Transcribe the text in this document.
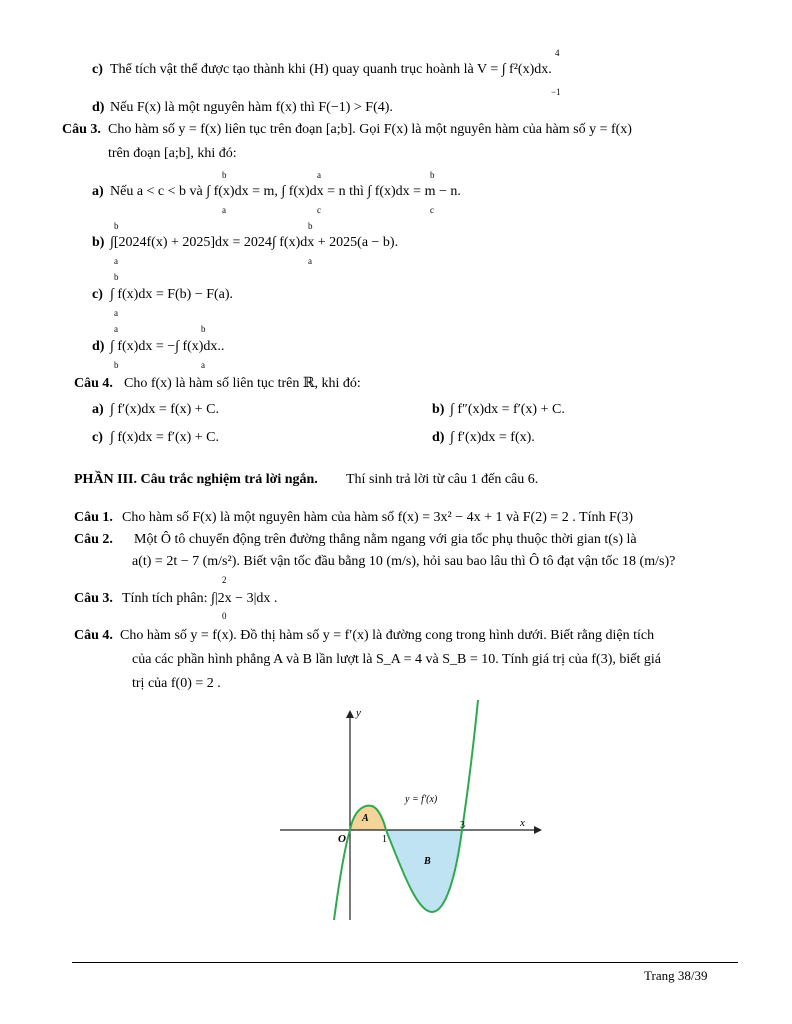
c) Thể tích vật thể được tạo thành khi (H) quay quanh trục hoành là V = ∫ f²(x)dx.
4
−1
d) Nếu F(x) là một nguyên hàm f(x) thì F(−1) > F(4).
Câu 3. Cho hàm số y = f(x) liên tục trên đoạn [a;b]. Gọi F(x) là một nguyên hàm của hàm số y = f(x)
trên đoạn [a;b], khi đó:
a) Nếu a < c < b và ∫ f(x)dx = m, ∫ f(x)dx = n thì ∫ f(x)dx = m − n.
b
a
a
c
b
c
b) ∫[2024f(x) + 2025]dx = 2024∫ f(x)dx + 2025(a − b).
b
a
b
a
c) ∫ f(x)dx = F(b) − F(a).
b
a
d) ∫ f(x)dx = −∫ f(x)dx..
a
b
b
a
Câu 4. Cho f(x) là hàm số liên tục trên ℝ, khi đó:
a) ∫ f′(x)dx = f(x) + C.	b) ∫ f″(x)dx = f′(x) + C.
c) ∫ f(x)dx = f′(x) + C.	d) ∫ f′(x)dx = f(x).
PHẦN III. Câu trắc nghiệm trả lời ngắn. Thí sinh trả lời từ câu 1 đến câu 6.
Câu 1. Cho hàm số F(x) là một nguyên hàm của hàm số f(x) = 3x² − 4x + 1 và F(2) = 2 . Tính F(3)
Câu 2. Một Ô tô chuyển động trên đường thẳng nằm ngang với gia tốc phụ thuộc thời gian t(s) là
a(t) = 2t − 7 (m/s²). Biết vận tốc đầu bằng 10 (m/s), hỏi sau bao lâu thì Ô tô đạt vận tốc 18 (m/s)?
Câu 3. Tính tích phân: ∫|2x − 3|dx .
2
0
Câu 4. Cho hàm số y = f(x). Đồ thị hàm số y = f′(x) là đường cong trong hình dưới. Biết rằng diện tích
của các phần hình phẳng A và B lần lượt là S_A = 4 và S_B = 10. Tính giá trị của f(3), biết giá
trị của f(0) = 2 .
y
x
O	1
3
A
B
y = f′(x)
Trang 38/39
